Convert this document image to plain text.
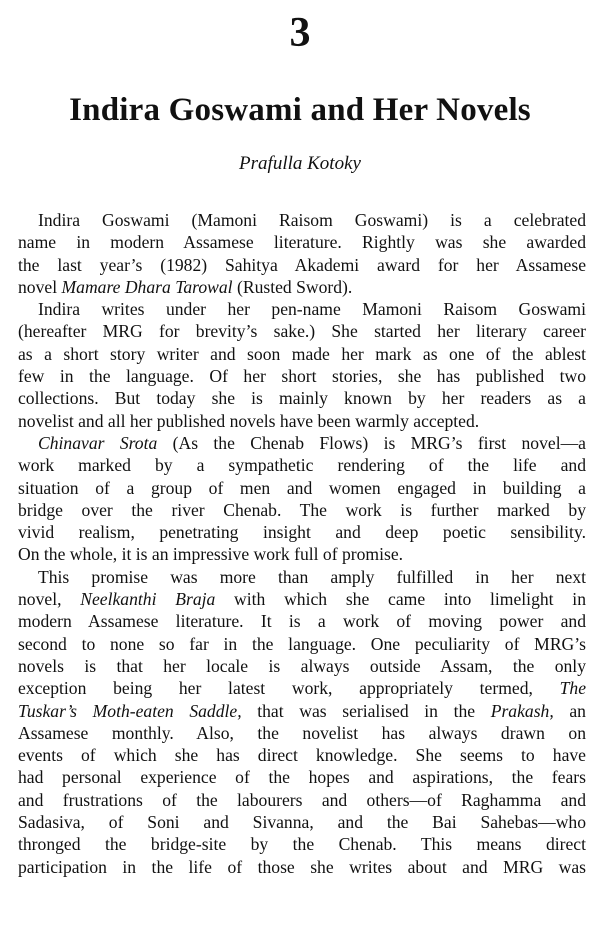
3
Indira Goswami and Her Novels
Prafulla Kotoky
Indira Goswami (Mamoni Raisom Goswami) is a celebrated
name in modern Assamese literature. Rightly was she awarded
the last year’s (1982) Sahitya Akademi award for her Assamese
novel Mamare Dhara Tarowal (Rusted Sword).
Indira writes under her pen-name Mamoni Raisom Goswami
(hereafter MRG for brevity’s sake.) She started her literary career
as a short story writer and soon made her mark as one of the ablest
few in the language. Of her short stories, she has published two
collections. But today she is mainly known by her readers as a
novelist and all her published novels have been warmly accepted.
Chinavar Srota (As the Chenab Flows) is MRG’s first novel—a
work marked by a sympathetic rendering of the life and
situation of a group of men and women engaged in building a
bridge over the river Chenab. The work is further marked by
vivid realism, penetrating insight and deep poetic sensibility.
On the whole, it is an impressive work full of promise.
This promise was more than amply fulfilled in her next
novel, Neelkanthi Braja with which she came into limelight in
modern Assamese literature. It is a work of moving power and
second to none so far in the language. One peculiarity of MRG’s
novels is that her locale is always outside Assam, the only
exception being her latest work, appropriately termed, The
Tuskar’s Moth-eaten Saddle, that was serialised in the Prakash, an
Assamese monthly. Also, the novelist has always drawn on
events of which she has direct knowledge. She seems to have
had personal experience of the hopes and aspirations, the fears
and frustrations of the labourers and others—of Raghamma and
Sadasiva, of Soni and Sivanna, and the Bai Sahebas—who
thronged the bridge-site by the Chenab. This means direct
participation in the life of those she writes about and MRG was
